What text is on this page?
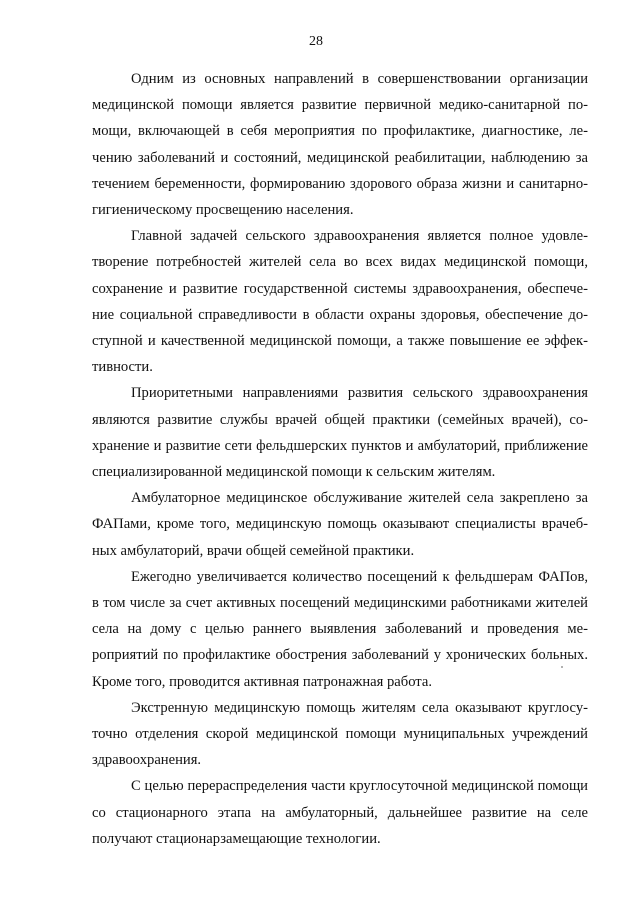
28

Одним из основных направлений в совершенствовании организации медицинской помощи является развитие первичной медико-санитарной помощи, включающей в себя мероприятия по профилактике, диагностике, лечению заболеваний и состояний, медицинской реабилитации, наблюдению за течением беременности, формированию здорового образа жизни и санитарно-гигиеническому просвещению населения.

Главной задачей сельского здравоохранения является полное удовлетворение потребностей жителей села во всех видах медицинской помощи, сохранение и развитие государственной системы здравоохранения, обеспечение социальной справедливости в области охраны здоровья, обеспечение доступной и качественной медицинской помощи, а также повышение ее эффективности.

Приоритетными направлениями развития сельского здравоохранения являются развитие службы врачей общей практики (семейных врачей), сохранение и развитие сети фельдшерских пунктов и амбулаторий, приближение специализированной медицинской помощи к сельским жителям.

Амбулаторное медицинское обслуживание жителей села закреплено за ФАПами, кроме того, медицинскую помощь оказывают специалисты врачебных амбулаторий, врачи общей семейной практики.

Ежегодно увеличивается количество посещений к фельдшерам ФАПов, в том числе за счет активных посещений медицинскими работниками жителей села на дому с целью раннего выявления заболеваний и проведения мероприятий по профилактике обострения заболеваний у хронических больных. Кроме того, проводится активная патронажная работа.

Экстренную медицинскую помощь жителям села оказывают круглосуточно отделения скорой медицинской помощи муниципальных учреждений здравоохранения.

С целью перераспределения части круглосуточной медицинской помощи со стационарного этапа на амбулаторный, дальнейшее развитие на селе получают стационарзамещающие технологии.
